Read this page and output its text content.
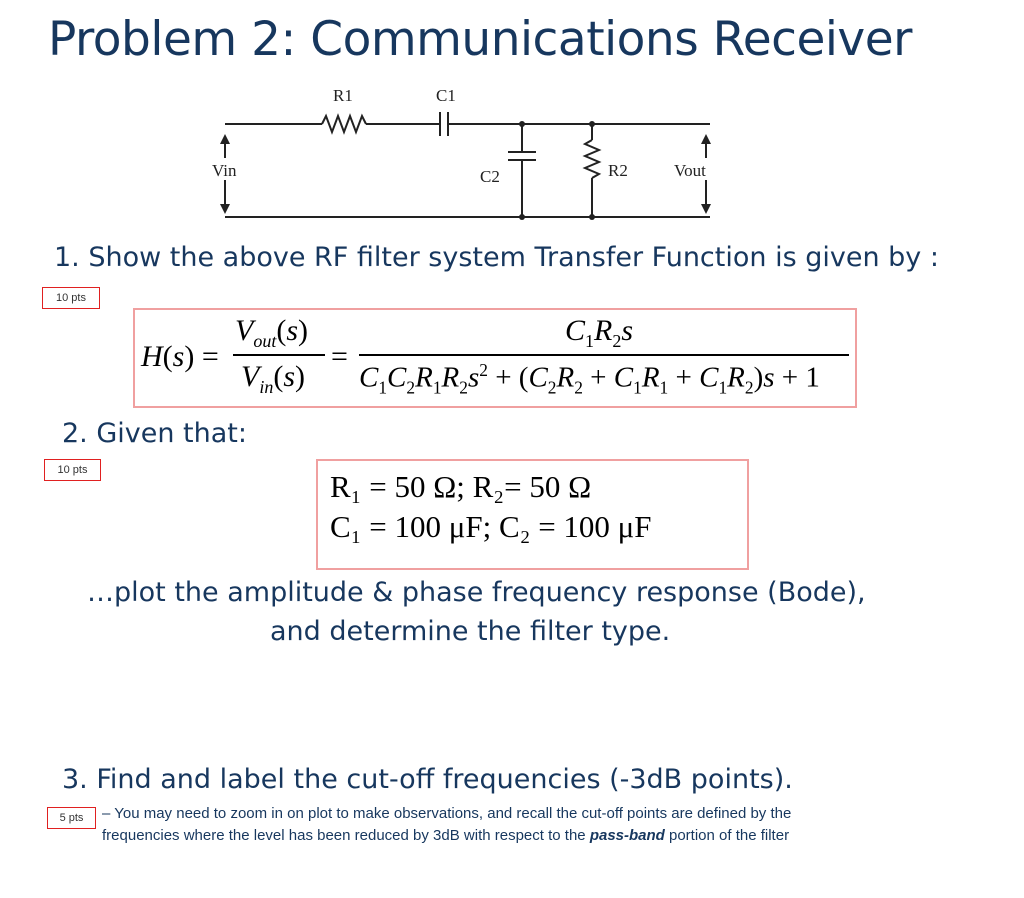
Problem 2: Communications Receiver
R1	C1
C2	R2
Vin	Vout
1. Show the above RF filter system Transfer Function is given by :
10 pts
H(s) =
$V_{out}(s)$
$V_{in}(s)$
=
$C_1R_2s$
$C_1C_2R_1R_2s^2 + (C_2R_2 + C_1R_1 + C_1R_2)s + 1$
2. Given that:
10 pts	R₁ = 50 Ω; R₂= 50 Ω
C₁ = 100 μF; C₂ = 100 μF
…plot the amplitude & phase frequency response (Bode),
and determine the filter type.
3. Find and label the cut-off frequencies (-3dB points).
5 pts	– You may need to zoom in on plot to make observations, and recall the cut-off points are defined by the
frequencies where the level has been reduced by 3dB with respect to the pass-band portion of the filter
